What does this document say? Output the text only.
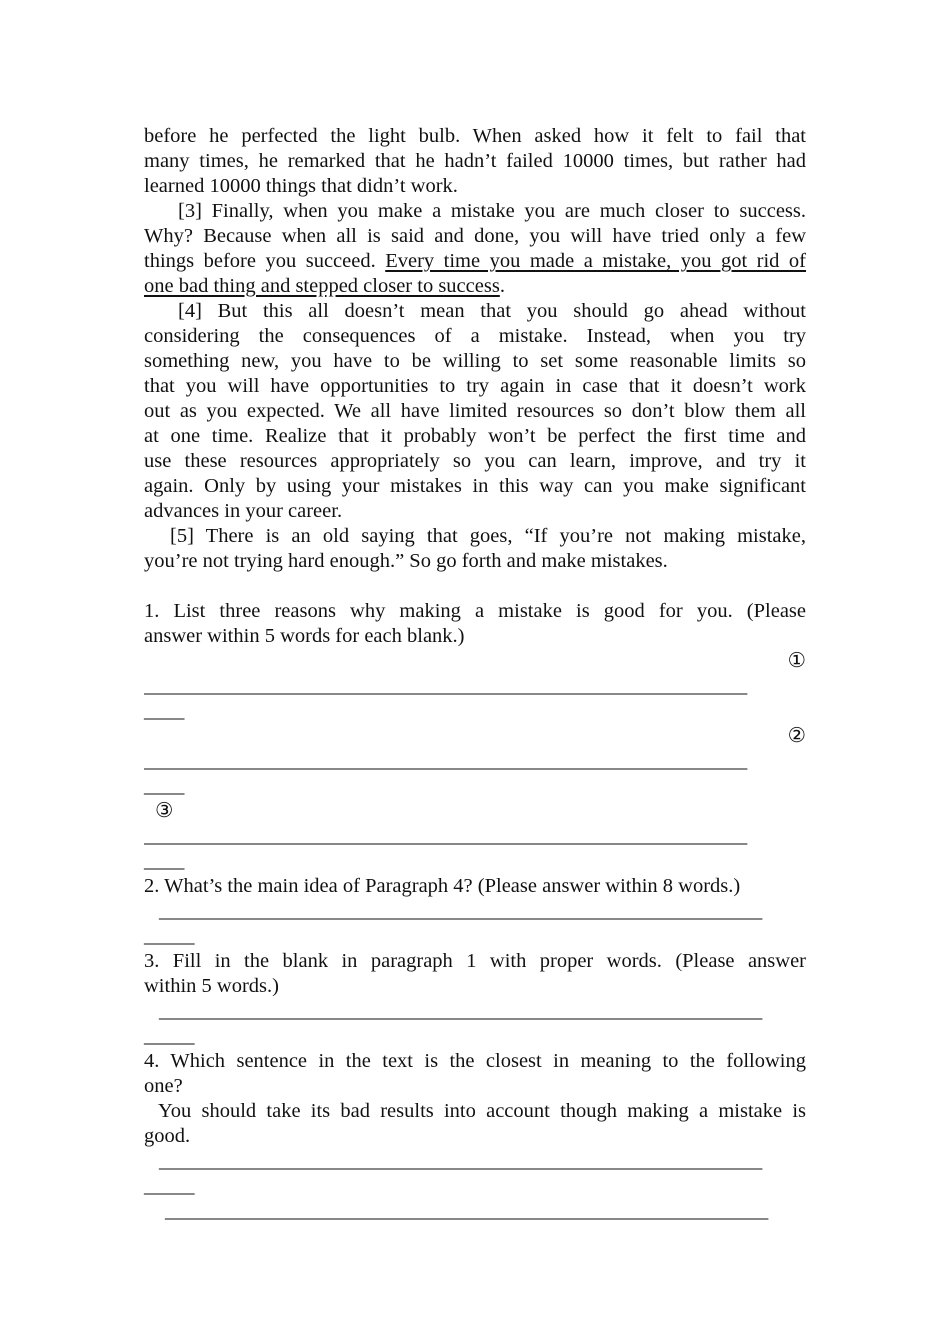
before he perfected the light bulb. When asked how it felt to fail that
many times, he remarked that he hadn’t failed 10000 times, but rather had
learned 10000 things that didn’t work.
[3] Finally, when you make a mistake you are much closer to success.
Why? Because when all is said and done, you will have tried only a few
things before you succeed. Every time you made a mistake, you got rid of
one bad thing and stepped closer to success.
[4] But this all doesn’t mean that you should go ahead without
considering the consequences of a mistake. Instead, when you try
something new, you have to be willing to set some reasonable limits so
that you will have opportunities to try again in case that it doesn’t work
out as you expected. We all have limited resources so don’t blow them all
at one time. Realize that it probably won’t be perfect the first time and
use these resources appropriately so you can learn, improve, and try it
again. Only by using your mistakes in this way can you make significant
advances in your career.
[5] There is an old saying that goes, “If you’re not making mistake,
you’re not trying hard enough.” So go forth and make mistakes.
1. List three reasons why making a mistake is good for you. (Please
answer within 5 words for each blank.)
①
____________________________________________________________
____
②
____________________________________________________________
____
③
____________________________________________________________
____
2. What’s the main idea of Paragraph 4? (Please answer within 8 words.)
____________________________________________________________
_____
3. Fill in the blank in paragraph 1 with proper words. (Please answer
within 5 words.)
____________________________________________________________
_____
4. Which sentence in the text is the closest in meaning to the following
one?
You should take its bad results into account though making a mistake is
good.
____________________________________________________________
_____
____________________________________________________________
